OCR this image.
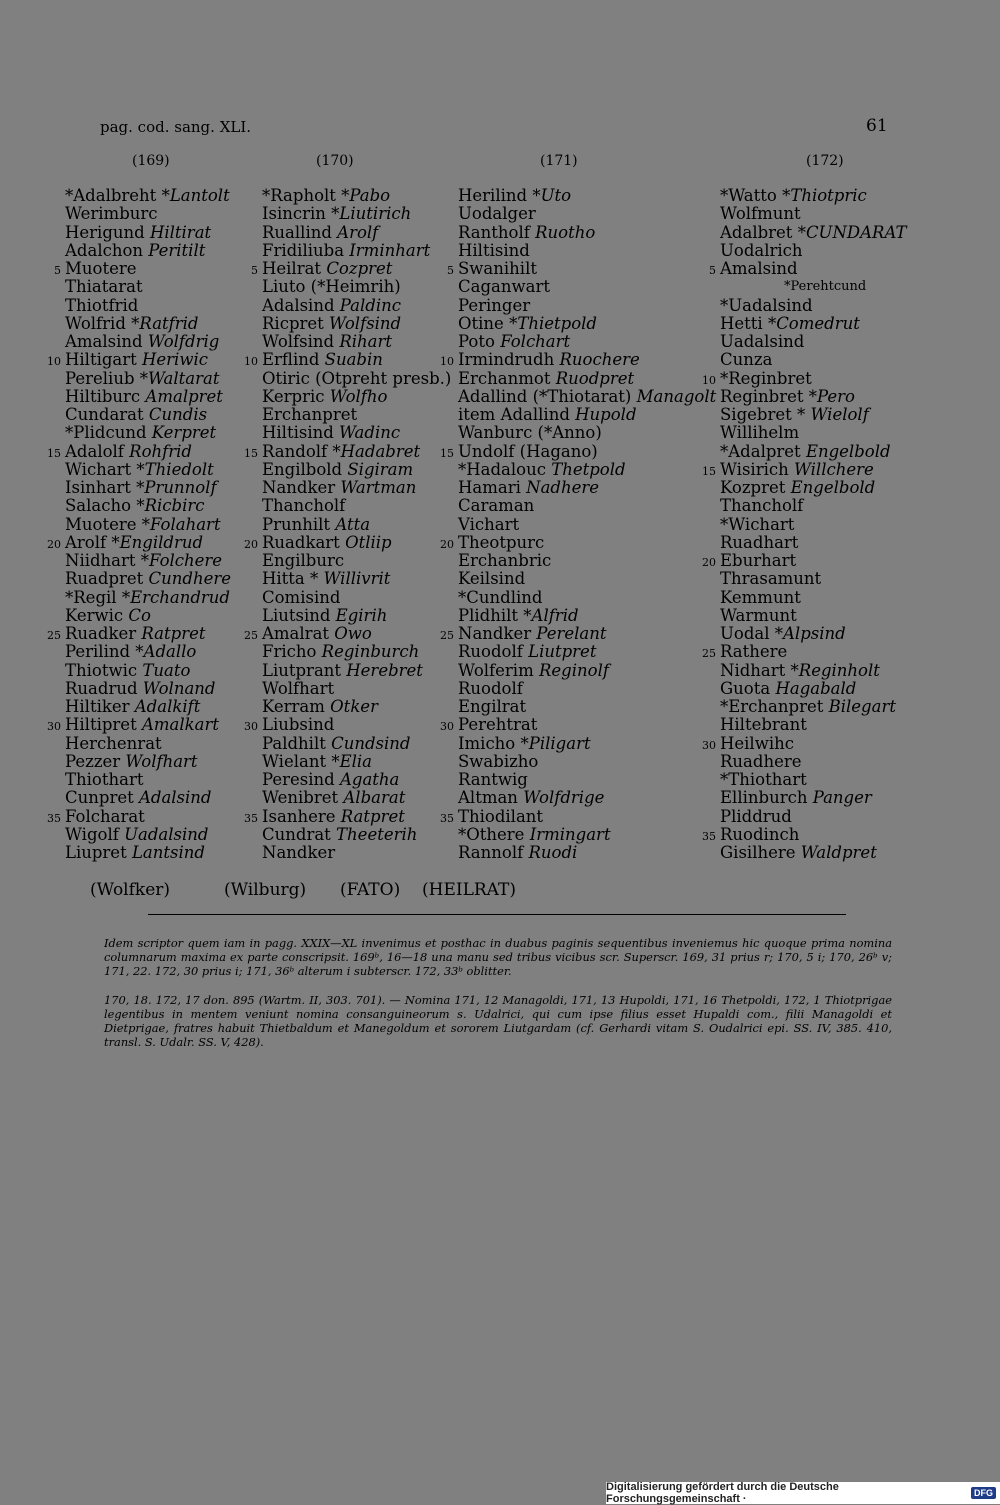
pag. cod. sang. XLI.	61
(169)	(170)	(171)	(172)
*Adalbreht *Lantolt
Werimburc
Herigund Hiltirat
Adalchon Peritilt
5 Muotere
Thiatarat
Thiotfrid
Wolfrid *Ratfrid
Amalsind Wolfdrig
10 Hiltigart Heriwic
Pereliub *Waltarat
Hiltiburc Amalpret
Cundarat Cundis
*Plidcund Kerpret
15 Adalolf Rohfrid
Wichart *Thiedolt
Isinhart *Prunnolf
Salacho *Ricbirc
Muotere *Folahart
20 Arolf *Engildrud
Niidhart *Folchere
Ruadpret Cundhere
*Regil *Erchandrud
Kerwic Co
25 Ruadker Ratpret
Perilind *Adallo
Thiotwic Tuato
Ruadrud Wolnand
Hiltiker Adalkift
30 Hiltipret Amalkart
Herchenrat
Pezzer Wolfhart
Thiothart
Cunpret Adalsind
35 Folcharat
Wigolf Uadalsind
Liupret Lantsind
*Rapholt *Pabo
Isincrin *Liutirich
Ruallind Arolf
Fridiliuba Irminhart
5 Heilrat Cozpret
Liuto (*Heimrih)
Adalsind Paldinc
Ricpret Wolfsind
Wolfsind Rihart
10 Erflind Suabin
Otiric (Otpreht presb.)
Kerpric Wolfho
Erchanpret
Hiltisind Wadinc
15 Randolf *Hadabret
Engilbold Sigiram
Nandker Wartman
Thancholf
Prunhilt Atta
20 Ruadkart Otliip
Engilburc
Hitta * Willivrit
Comisind
Liutsind Egirih
25 Amalrat Owo
Fricho Reginburch
Liutprant Herebret
Wolfhart
Kerram Otker
30 Liubsind
Paldhilt Cundsind
Wielant *Elia
Peresind Agatha
Wenibret Albarat
35 Isanhere Ratpret
Cundrat Theeterih
Nandker
Herilind *Uto
Uodalger
Rantholf Ruotho
Hiltisind
5 Swanihilt
Caganwart
Peringer
Otine *Thietpold
Poto Folchart
10 Irmindrudh Ruochere
Erchanmot Ruodpret
Adallind (*Thiotarat) Managolt
item Adallind Hupold
Wanburc (*Anno)
15 Undolf (Hagano)
*Hadalouc Thetpold
Hamari Nadhere
Caraman
Vichart
20 Theotpurc
Erchanbric
Keilsind
*Cundlind
Plidhilt *Alfrid
25 Nandker Perelant
Ruodolf Liutpret
Wolferim Reginolf
Ruodolf
Engilrat
30 Perehtrat
Imicho *Piligart
Swabizho
Rantwig
Altman Wolfdrige
35 Thiodilant
*Othere Irmingart
Rannolf Ruodi
*Watto *Thiotpric
Wolfmunt
Adalbret *CUNDARAT
Uodalrich
5 Amalsind
*Perehtcund
*Uadalsind
Hetti *Comedrut
Uadalsind
Cunza
10 *Reginbret
Reginbret *Pero
Sigebret * Wielolf
Willihelm
*Adalpret Engelbold
15 Wisirich Willchere
Kozpret Engelbold
Thancholf
*Wichart
Ruadhart
20 Eburhart
Thrasamunt
Kemmunt
Warmunt
Uodal *Alpsind
25 Rathere
Nidhart *Reginholt
Guota Hagabald
*Erchanpret Bilegart
Hiltebrant
30 Heilwihc
Ruadhere
*Thiothart
Ellinburch Panger
Pliddrud
35 Ruodinch
Gisilhere Waldpret
(Wolfker)	(Wilburg) (FATO) (HEILRAT)
Idem scriptor quem iam in pagg. XXIX—XL invenimus et posthac in duabus paginis sequentibus inveniemus hic quoque prima nomina columnarum maxima ex parte conscripsit. 169ᵇ, 16—18 una manu sed tribus vicibus scr. Superscr. 169, 31 prius r; 170, 5 i; 170, 26ᵇ v; 171, 22. 172, 30 prius i; 171, 36ᵇ alterum i subterscr. 172, 33ᵇ oblitter.
170, 18. 172, 17 don. 895 (Wartm. II, 303. 701). — Nomina 171, 12 Managoldi, 171, 13 Hupoldi, 171, 16 Thetpoldi, 172, 1 Thiotprigae legentibus in mentem veniunt nomina consanguineorum s. Udalrici, qui cum ipse filius esset Hupaldi com., filii Managoldi et Dietprigae, fratres habuit Thietbaldum et Manegoldum et sororem Liutgardam (cf. Gerhardi vitam S. Oudalrici epi. SS. IV, 385. 410, transl. S. Udalr. SS. V, 428).
Digitalisierung gefördert durch die Deutsche Forschungsgemeinschaft ·	DFG
